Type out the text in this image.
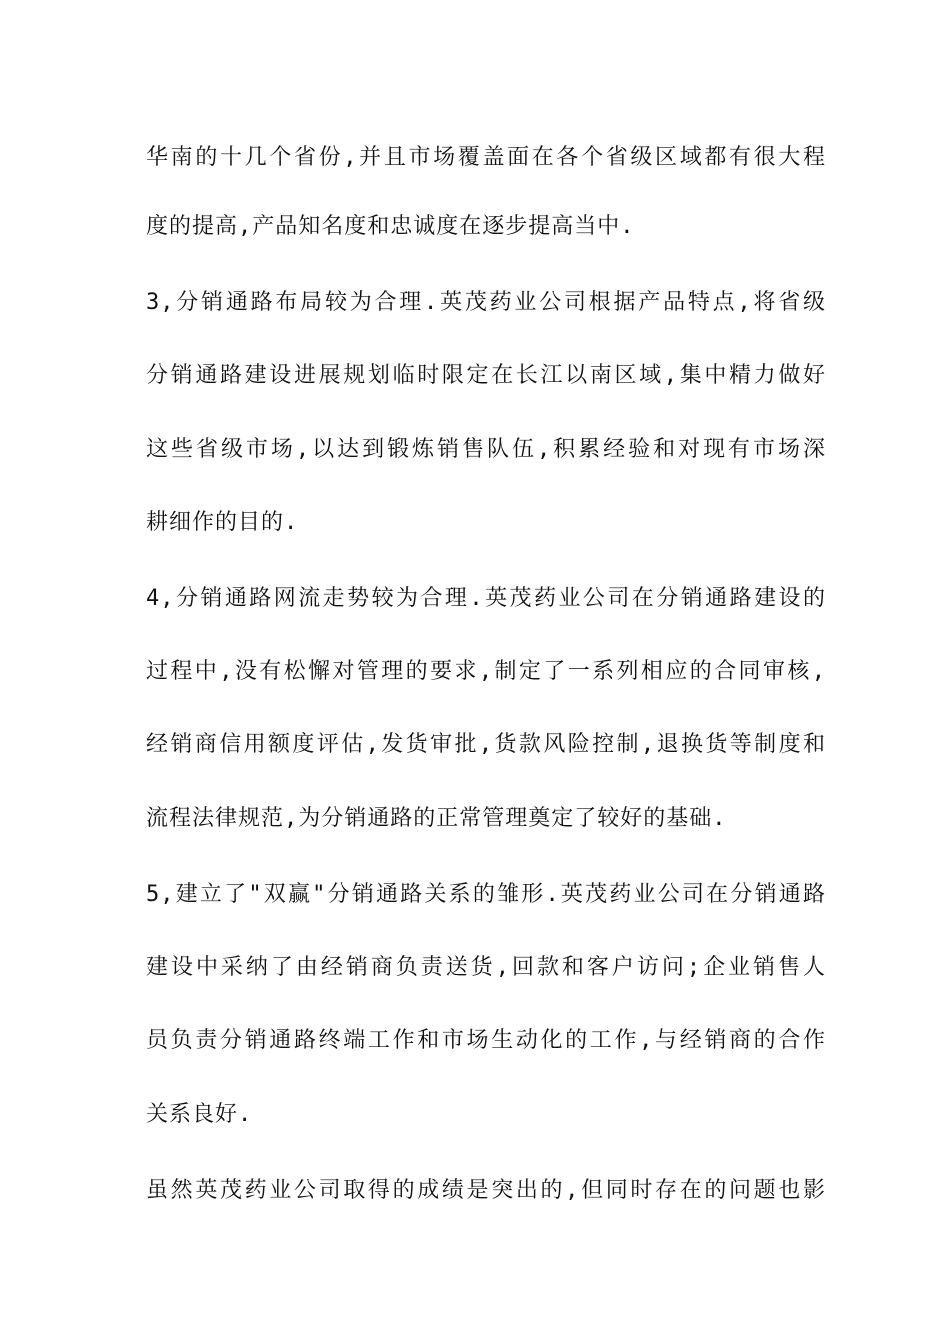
华南的十几个省份,并且市场覆盖面在各个省级区域都有很大程
度的提高,产品知名度和忠诚度在逐步提高当中.
3,分销通路布局较为合理.英茂药业公司根据产品特点,将省级
分销通路建设进展规划临时限定在长江以南区域,集中精力做好
这些省级市场,以达到锻炼销售队伍,积累经验和对现有市场深
耕细作的目的.
4,分销通路网流走势较为合理.英茂药业公司在分销通路建设的
过程中,没有松懈对管理的要求,制定了一系列相应的合同审核,
经销商信用额度评估,发货审批,货款风险控制,退换货等制度和
流程法律规范,为分销通路的正常管理奠定了较好的基础.
5,建立了"双赢"分销通路关系的雏形.英茂药业公司在分销通路
建设中采纳了由经销商负责送货,回款和客户访问;企业销售人
员负责分销通路终端工作和市场生动化的工作,与经销商的合作
关系良好.
虽然英茂药业公司取得的成绩是突出的,但同时存在的问题也影
